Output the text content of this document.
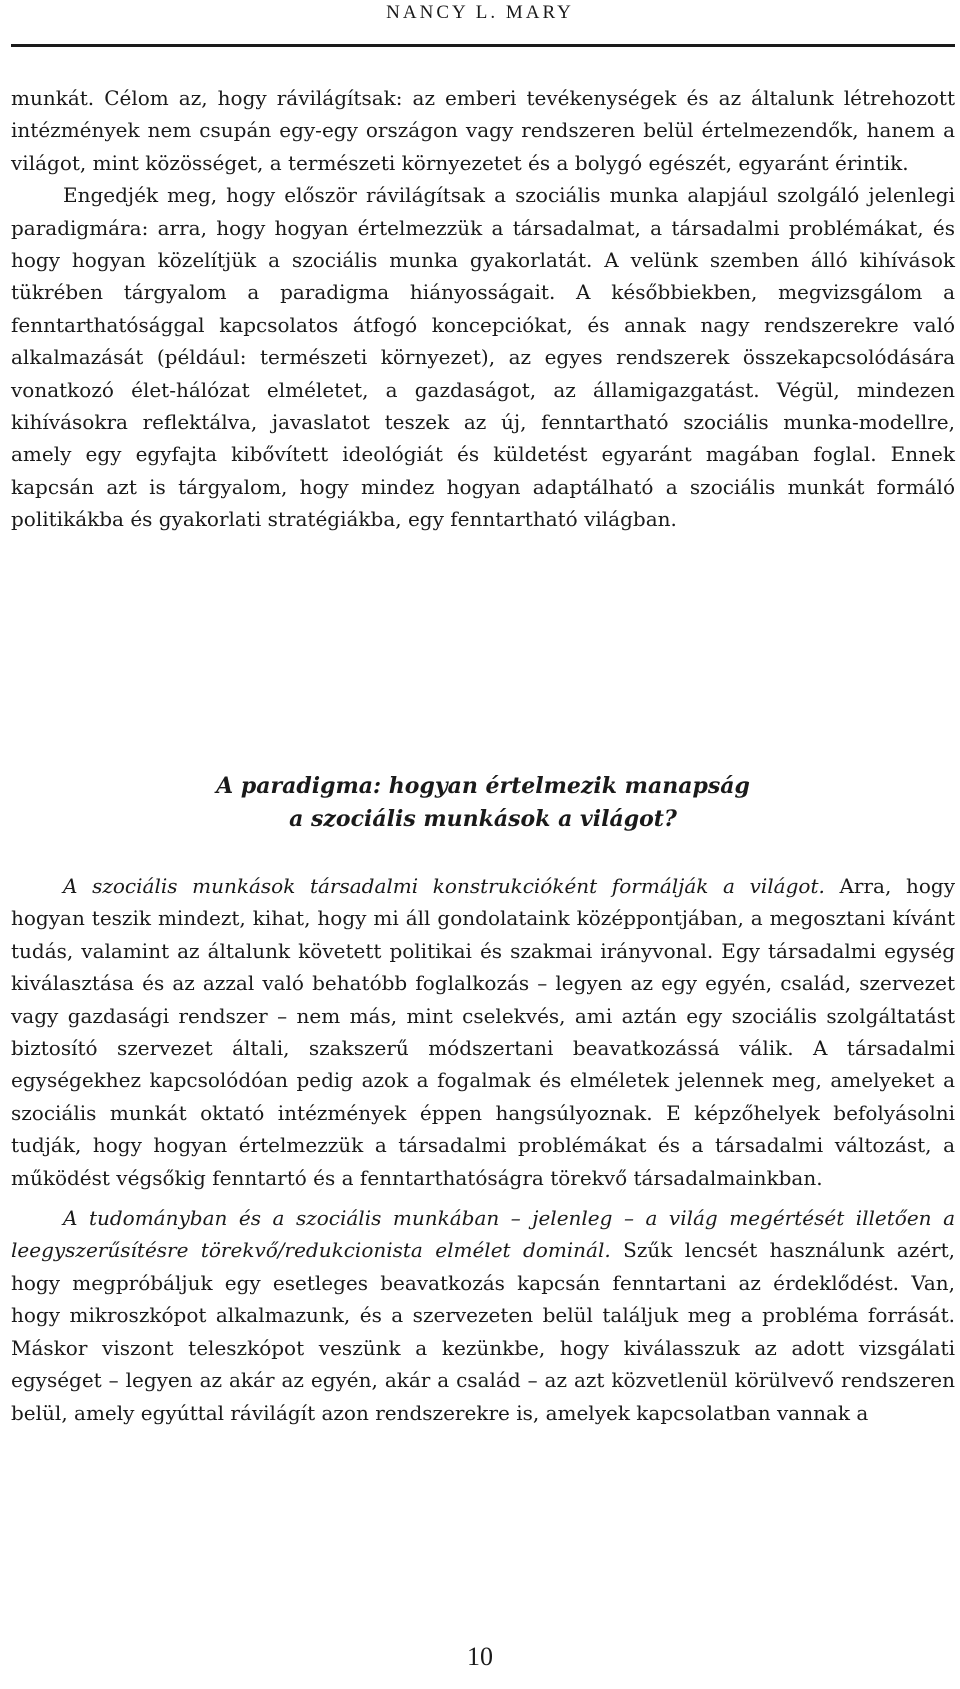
NANCY L. MARY

munkát. Célom az, hogy rávilágítsak: az emberi tevékenységek és az általunk létrehozott intézmények nem csupán egy-egy országon vagy rendszeren belül értelmezendők, hanem a világot, mint közösséget, a természeti környezetet és a bolygó egészét, egyaránt érintik.

Engedjék meg, hogy először rávilágítsak a szociális munka alapjául szolgáló jelenlegi paradigmára: arra, hogy hogyan értelmezzük a társadalmat, a társadalmi problémákat, és hogy hogyan közelítjük a szociális munka gyakorlatát. A velünk szemben álló kihívások tükrében tárgyalom a paradigma hiányosságait. A későbbiekben, megvizsgálom a fenntarthatósággal kapcsolatos átfogó koncepciókat, és annak nagy rendszerekre való alkalmazását (például: természeti környezet), az egyes rendszerek összekapcsolódására vonatkozó élet-hálózat elméletet, a gazdaságot, az államigazgatást. Végül, mindezen kihívásokra reflektálva, javaslatot teszek az új, fenntartható szociális munka-modellre, amely egy egyfajta kibővített ideológiát és küldetést egyaránt magában foglal. Ennek kapcsán azt is tárgyalom, hogy mindez hogyan adaptálható a szociális munkát formáló politikákba és gyakorlati stratégiákba, egy fenntartható világban.

A paradigma: hogyan értelmezik manapság
a szociális munkások a világot?

A szociális munkások társadalmi konstrukcióként formálják a világot. Arra, hogy hogyan teszik mindezt, kihat, hogy mi áll gondolataink középpontjában, a megosztani kívánt tudás, valamint az általunk követett politikai és szakmai irányvonal. Egy társadalmi egység kiválasztása és az azzal való behatóbb foglalkozás – legyen az egy egyén, család, szervezet vagy gazdasági rendszer – nem más, mint cselekvés, ami aztán egy szociális szolgáltatást biztosító szervezet általi, szakszerű módszertani beavatkozássá válik. A társadalmi egységekhez kapcsolódóan pedig azok a fogalmak és elméletek jelennek meg, amelyeket a szociális munkát oktató intézmények éppen hangsúlyoznak. E képzőhelyek befolyásolni tudják, hogy hogyan értelmezzük a társadalmi problémákat és a társadalmi változást, a működést végsőkig fenntartó és a fenntarthatóságra törekvő társadalmainkban.

A tudományban és a szociális munkában – jelenleg – a világ megértését illetően a leegyszerűsítésre törekvő/redukcionista elmélet dominál. Szűk lencsét használunk azért, hogy megpróbáljuk egy esetleges beavatkozás kapcsán fenntartani az érdeklődést. Van, hogy mikroszkópot alkalmazunk, és a szervezeten belül találjuk meg a probléma forrását. Máskor viszont teleszkópot veszünk a kezünkbe, hogy kiválasszuk az adott vizsgálati egységet – legyen az akár az egyén, akár a család – az azt közvetlenül körülvevő rendszeren belül, amely egyúttal rávilágít azon rendszerekre is, amelyek kapcsolatban vannak a

10
